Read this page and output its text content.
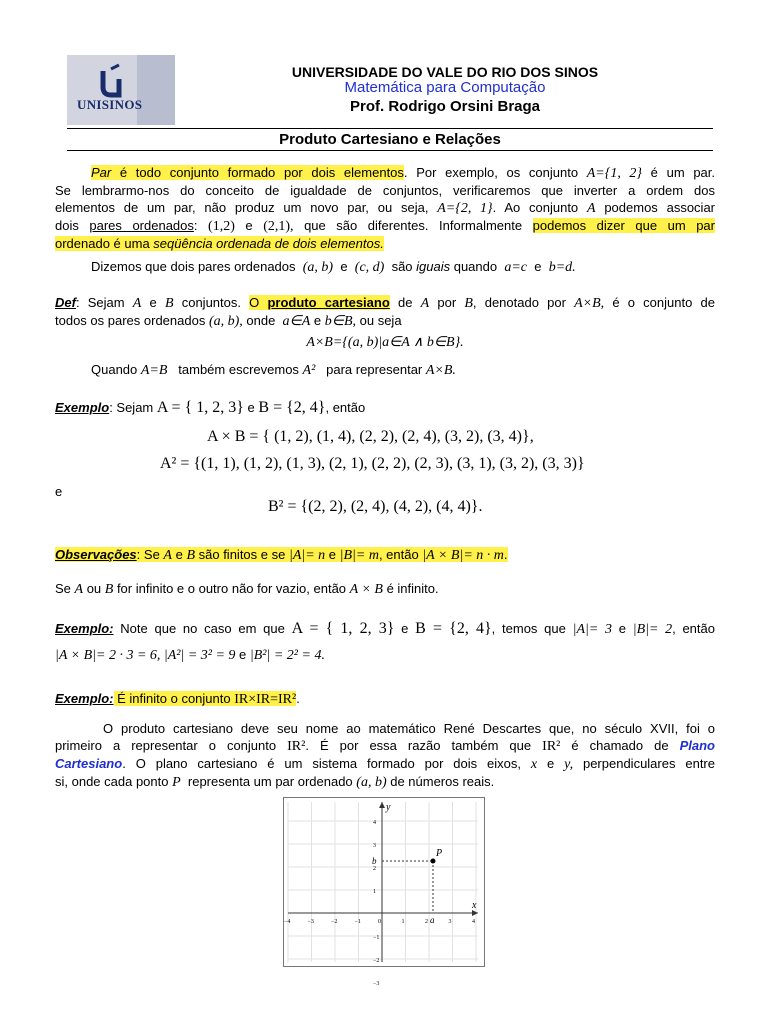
UNISINOS
UNIVERSIDADE DO VALE DO RIO DOS SINOS
Matemática para Computação
Prof. Rodrigo Orsini Braga
Produto Cartesiano e Relações
Par é todo conjunto formado por dois elementos. Por exemplo, os conjunto A={1, 2} é um par.
Se lembrarmo-nos do conceito de igualdade de conjuntos, verificaremos que inverter a ordem dos
elementos de um par, não produz um novo par, ou seja, A={2, 1}. Ao conjunto A podemos associar
dois pares ordenados: (1,2) e (2,1), que são diferentes. Informalmente podemos dizer que um par
ordenado é uma seqüência ordenada de dois elementos.
Dizemos que dois pares ordenados  (a, b) e (c, d)  são iguais quando  a=c e b=d.
Def: Sejam A e B conjuntos. O produto cartesiano de A por B, denotado por A×B, é o conjunto de
todos os pares ordenados (a, b), onde  a∈A e b∈B, ou seja
A×B={(a, b)|a∈A ∧ b∈B}.
Quando A=B   também escrevemos A²   para representar A×B.
Exemplo: Sejam A = { 1, 2, 3} e B = {2, 4}, então
A × B = { (1, 2), (1, 4), (2, 2), (2, 4), (3, 2), (3, 4)},
A² = {(1, 1), (1, 2), (1, 3), (2, 1), (2, 2), (2, 3), (3, 1), (3, 2), (3, 3)}
e
B² = {(2, 2), (2, 4), (4, 2), (4, 4)}.
Observações: Se A e B são finitos e se |A|= n e |B|= m, então |A × B|= n · m.
Se A ou B for infinito e o outro não for vazio, então A × B é infinito.
Exemplo: Note que no caso em que A = { 1, 2, 3} e B = {2, 4}, temos que |A|= 3 e |B|= 2, então
|A × B|= 2 · 3 = 6, |A²| = 3² = 9 e |B²| = 2² = 4.
Exemplo: É infinito o conjunto IR×IR=IR².
O produto cartesiano deve seu nome ao matemático René Descartes que, no século XVII, foi o
primeiro a representar o conjunto IR². É por essa razão também que IR² é chamado de Plano
Cartesiano. O plano cartesiano é um sistema formado por dois eixos, x e y, perpendiculares entre
si, onde cada ponto P  representa um par ordenado (a, b) de números reais.
−4	−3	−2	−1	0	1	2	3	4
4
3
2
1
−1
−2
−3
P
b
a
x
y
